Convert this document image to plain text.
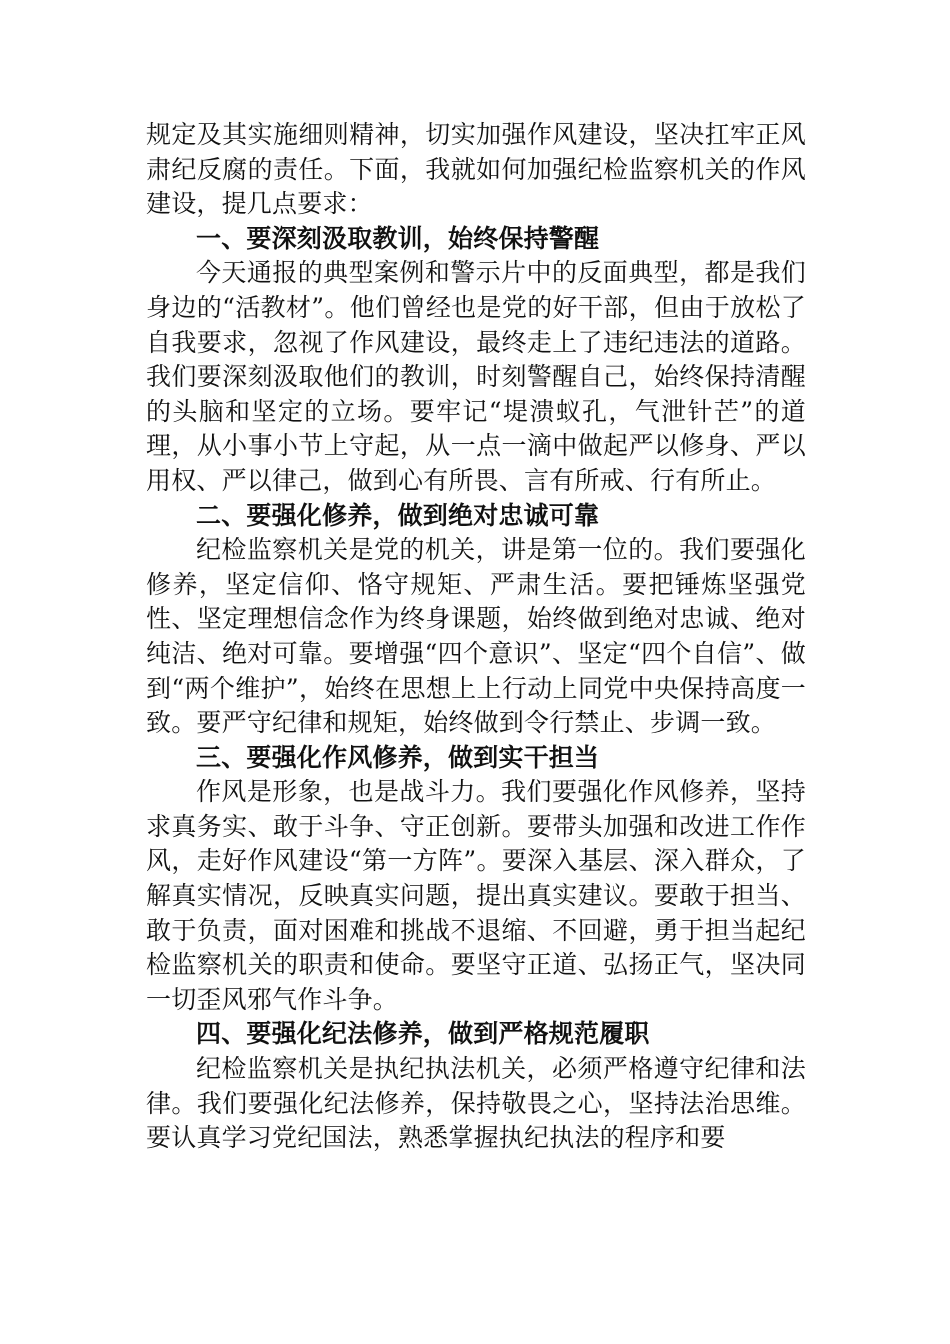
规定及其实施细则精神，切实加强作风建设，坚决扛牢正风肃纪反腐的责任。下面，我就如何加强纪检监察机关的作风建设，提几点要求：

一、要深刻汲取教训，始终保持警醒

今天通报的典型案例和警示片中的反面典型，都是我们身边的“活教材”。他们曾经也是党的好干部，但由于放松了自我要求，忽视了作风建设，最终走上了违纪违法的道路。我们要深刻汲取他们的教训，时刻警醒自己，始终保持清醒的头脑和坚定的立场。要牢记“堤溃蚁孔，气泄针芒”的道理，从小事小节上守起，从一点一滴中做起严以修身、严以用权、严以律己，做到心有所畏、言有所戒、行有所止。

二、要强化修养，做到绝对忠诚可靠

纪检监察机关是党的机关，讲是第一位的。我们要强化修养，坚定信仰、恪守规矩、严肃生活。要把锤炼坚强党性、坚定理想信念作为终身课题，始终做到绝对忠诚、绝对纯洁、绝对可靠。要增强“四个意识”、坚定“四个自信”、做到“两个维护”，始终在思想上上行动上同党中央保持高度一致。要严守纪律和规矩，始终做到令行禁止、步调一致。

三、要强化作风修养，做到实干担当

作风是形象，也是战斗力。我们要强化作风修养，坚持求真务实、敢于斗争、守正创新。要带头加强和改进工作作风，走好作风建设“第一方阵”。要深入基层、深入群众，了解真实情况，反映真实问题，提出真实建议。要敢于担当、敢于负责，面对困难和挑战不退缩、不回避，勇于担当起纪检监察机关的职责和使命。要坚守正道、弘扬正气，坚决同一切歪风邪气作斗争。

四、要强化纪法修养，做到严格规范履职

纪检监察机关是执纪执法机关，必须严格遵守纪律和法律。我们要强化纪法修养，保持敬畏之心，坚持法治思维。要认真学习党纪国法，熟悉掌握执纪执法的程序和要
